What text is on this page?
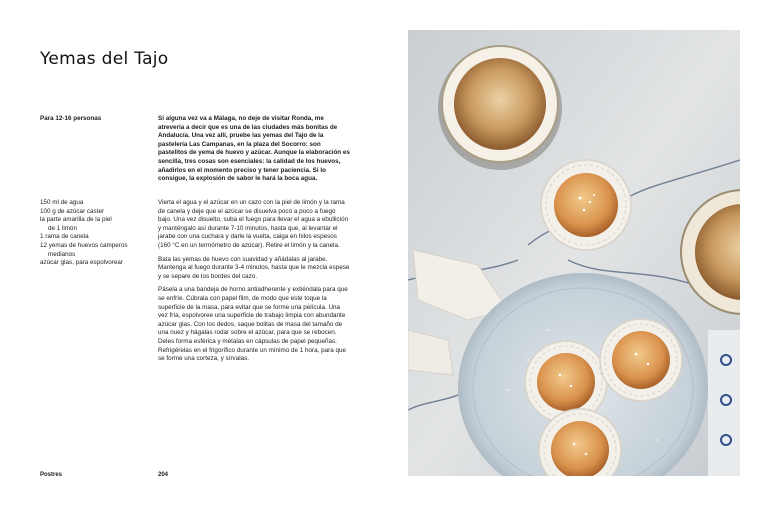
Yemas del Tajo
Para 12-16 personas	Si alguna vez va a Málaga, no deje de visitar Ronda, me atrevería a decir que es una de las ciudades más bonitas de Andalucía. Una vez allí, pruebe las yemas del Tajo de la pastelería Las Campanas, en la plaza del Socorro: son pastelitos de yema de huevo y azúcar. Aunque la elaboración es sencilla, tres cosas son esenciales: la calidad de los huevos, añadirlos en el momento preciso y tener paciencia. Si lo consigue, la explosión de sabor le hará la boca agua.
150 ml de agua
100 g de azúcar caster
la parte amarilla de la piel
de 1 limón
1 rama de canela
12 yemas de huevos camperos
medianos
azúcar glas, para espolvorear

Vierta el agua y el azúcar en un cazo con la piel de limón y la rama de canela y deje que el azúcar se disuelva poco a poco a fuego bajo. Una vez disuelto, suba el fuego para llevar el agua a ebullición y manténgalo así durante 7-10 minutos, hasta que, al levantar el jarabe con una cuchara y darle la vuelta, caiga en hilos espesos (160 °C en un termómetro de azúcar). Retire el limón y la canela.

Bata las yemas de huevo con suavidad y añádalas al jarabe. Mantenga al fuego durante 3-4 minutos, hasta que le mezcla espese y se separe de los bordes del cazo.

Pásela a una bandeja de horno antiadherente y extiéndala para que se enfríe. Cúbrala con papel film, de modo que este toque la superficie de la masa, para evitar que se forme una película. Una vez fría, espolvoree una superficie de trabajo limpia con abundante azúcar glas. Con los dedos, saque bolitas de masa del tamaño de una nuez y hágalas rodar sobre el azúcar, para que se rebocen. Deles forma esférica y métalas en cápsulas de papel pequeñas. Refrigérelas en el frigorífico durante un mínimo de 1 hora, para que se forme una corteza, y sírvalas.

Postres	204
